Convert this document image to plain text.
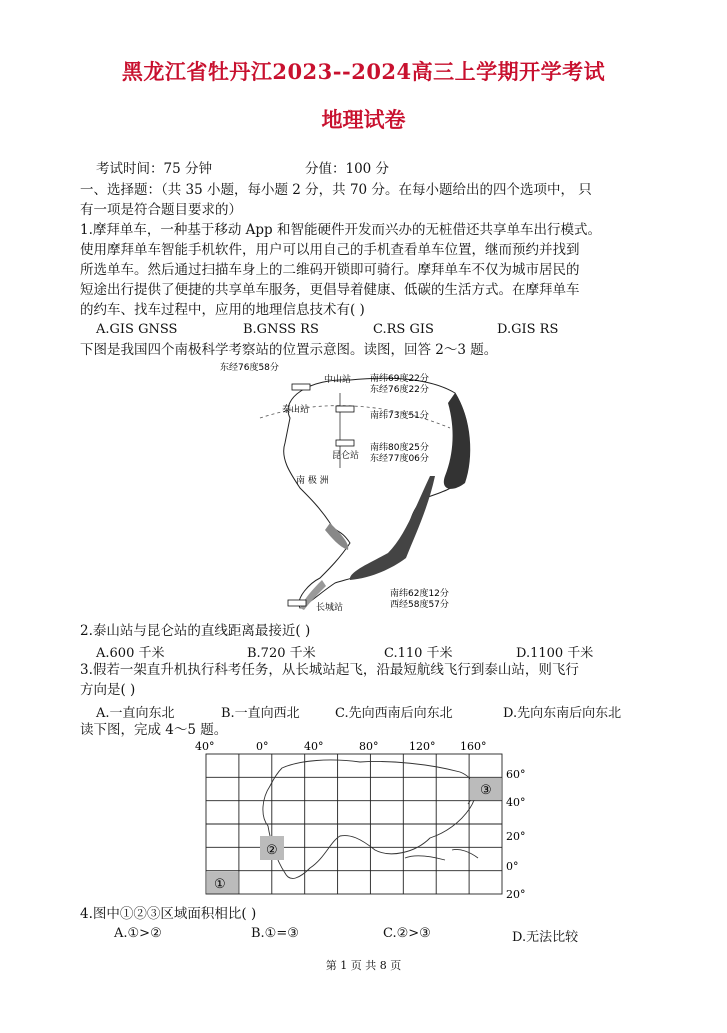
黑龙江省牡丹江2023--2024高三上学期开学考试
地理试卷
考试时间：75 分钟	分值：100 分
一、选择题：（共 35 小题，每小题 2 分，共 70 分。在每小题给出的四个选项中， 只
有一项是符合题目要求的）
1.摩拜单车，一种基于移动 App 和智能硬件开发而兴办的无桩借还共享单车出行模式。
使用摩拜单车智能手机软件，用户可以用自己的手机查看单车位置，继而预约并找到
所选单车。然后通过扫描车身上的二维码开锁即可骑行。摩拜单车不仅为城市居民的
短途出行提供了便捷的共享单车服务，更倡导着健康、低碳的生活方式。在摩拜单车
的约车、找车过程中，应用的地理信息技术有( )
A.GIS GNSS	B.GNSS RS	C.RS GIS	D.GIS RS
下图是我国四个南极科学考察站的位置示意图。读图，回答 2～3 题。
东经76度58分
中山站 南纬69度22分
东经76度22分
泰山站
南纬73度51分
南纬80度25分
东经77度06分
昆仑站
南 极 洲
南纬62度12分
西经58度57分
长城站
2.泰山站与昆仑站的直线距离最接近( )
A.600 千米	B.720 千米	C.110 千米	D.1100 千米
3.假若一架直升机执行科考任务，从长城站起飞，沿最短航线飞行到泰山站，则飞行
方向是( )
A.一直向东北	B.一直向西北	C.先向西南后向东北	D.先向东南后向东北
读下图，完成 4～5 题。
①
②
③
40°	0°	40°	80°	120° 160°
60°
40°
20°
0°
20°
4.图中①②③区域面积相比( )
A.①>②	B.①=③	C.②>③	D.无法比较
第 1 页 共 8 页
